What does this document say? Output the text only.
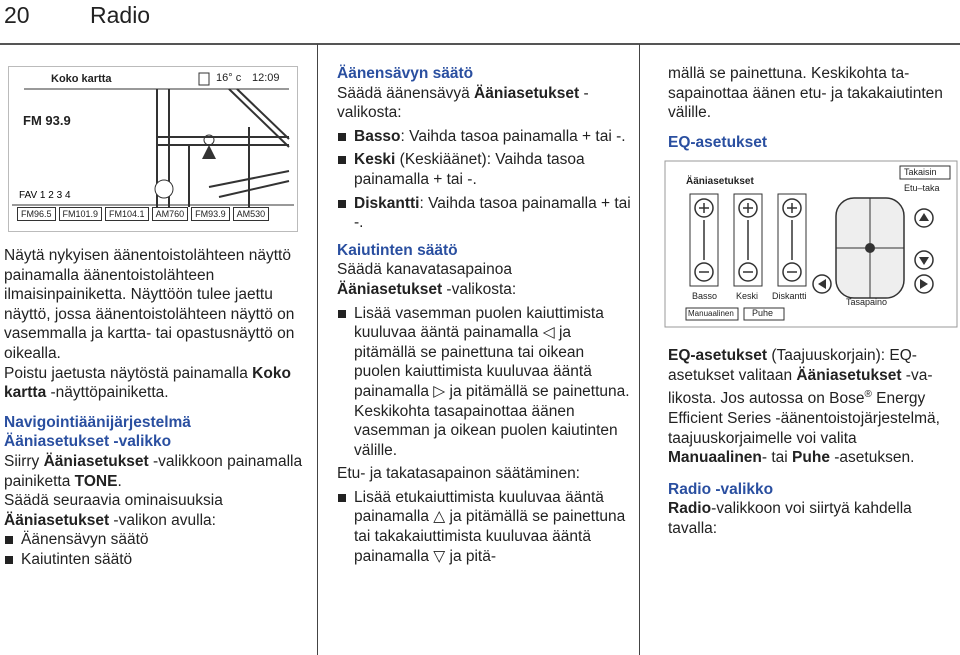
20	Radio
FAV 1 2 3 4
Koko kartta	16° c 12:09
FM 93.9
FM96.5	FM101.9	FM104.1	AM760	FM93.9	AM530

Näytä nykyisen äänentoistolähteen näyttö painamalla äänentoistolähteen ilmaisinpainiketta. Näyttöön tulee jaettu näyttö, jossa äänentoistolähteen näyttö on vasemmalla ja kartta- tai opastusnäyttö on oikealla.

Poistu jaetusta näytöstä painamalla Koko kartta -näyttöpainiketta.

Navigointiäänijärjestelmä Ääniasetukset -valikko

Siirry Ääniasetukset -valikkoon painamalla painiketta TONE.

Säädä seuraavia ominaisuuksia Ääniasetukset -valikon avulla:

Äänensävyn säätö
Kaiutinten säätö

Äänensävyn säätö

Säädä äänensävyä Ääniasetukset -valikosta:

Basso: Vaihda tasoa painamalla + tai -.
Keski (Keskiäänet): Vaihda tasoa painamalla + tai -.
Diskantti: Vaihda tasoa painamalla + tai -.

Kaiutinten säätö

Säädä kanavatasapainoa

Ääniasetukset -valikosta:

Lisää vasemman puolen kaiuttimista kuuluvaa ääntä painamalla ◁ ja pitämällä se painettuna tai oikean puolen kaiuttimista kuuluvaa ääntä painamalla ▷ ja pitämällä se painettuna. Keskikohta tasapainottaa äänen vasemman ja oikean puolen kaiutinten välille.

Etu- ja takatasapainon säätäminen:

Lisää etukaiuttimista kuuluvaa ääntä painamalla △ ja pitämällä se painettuna tai takakaiuttimista kuuluvaa ääntä painamalla ▽ ja pitä-

mällä se painettuna. Keskikohta tasapainottaa äänen etu- ja takakaiutinten välille.

EQ-asetukset

Ääniasetukset
Takaisin
Etu–taka
Basso Keski Diskantti
Tasapaino
Manuaalinen Puhe

EQ-asetukset (Taajuuskorjain): EQ-asetukset valitaan Ääniasetukset -valikosta. Jos autossa on Bose® Energy Efficient Series -äänentoistojärjestelmä, taajuuskorjaimelle voi valita Manuaalinen- tai Puhe -asetuksen.

Radio -valikko

Radio-valikkoon voi siirtyä kahdella tavalla:
